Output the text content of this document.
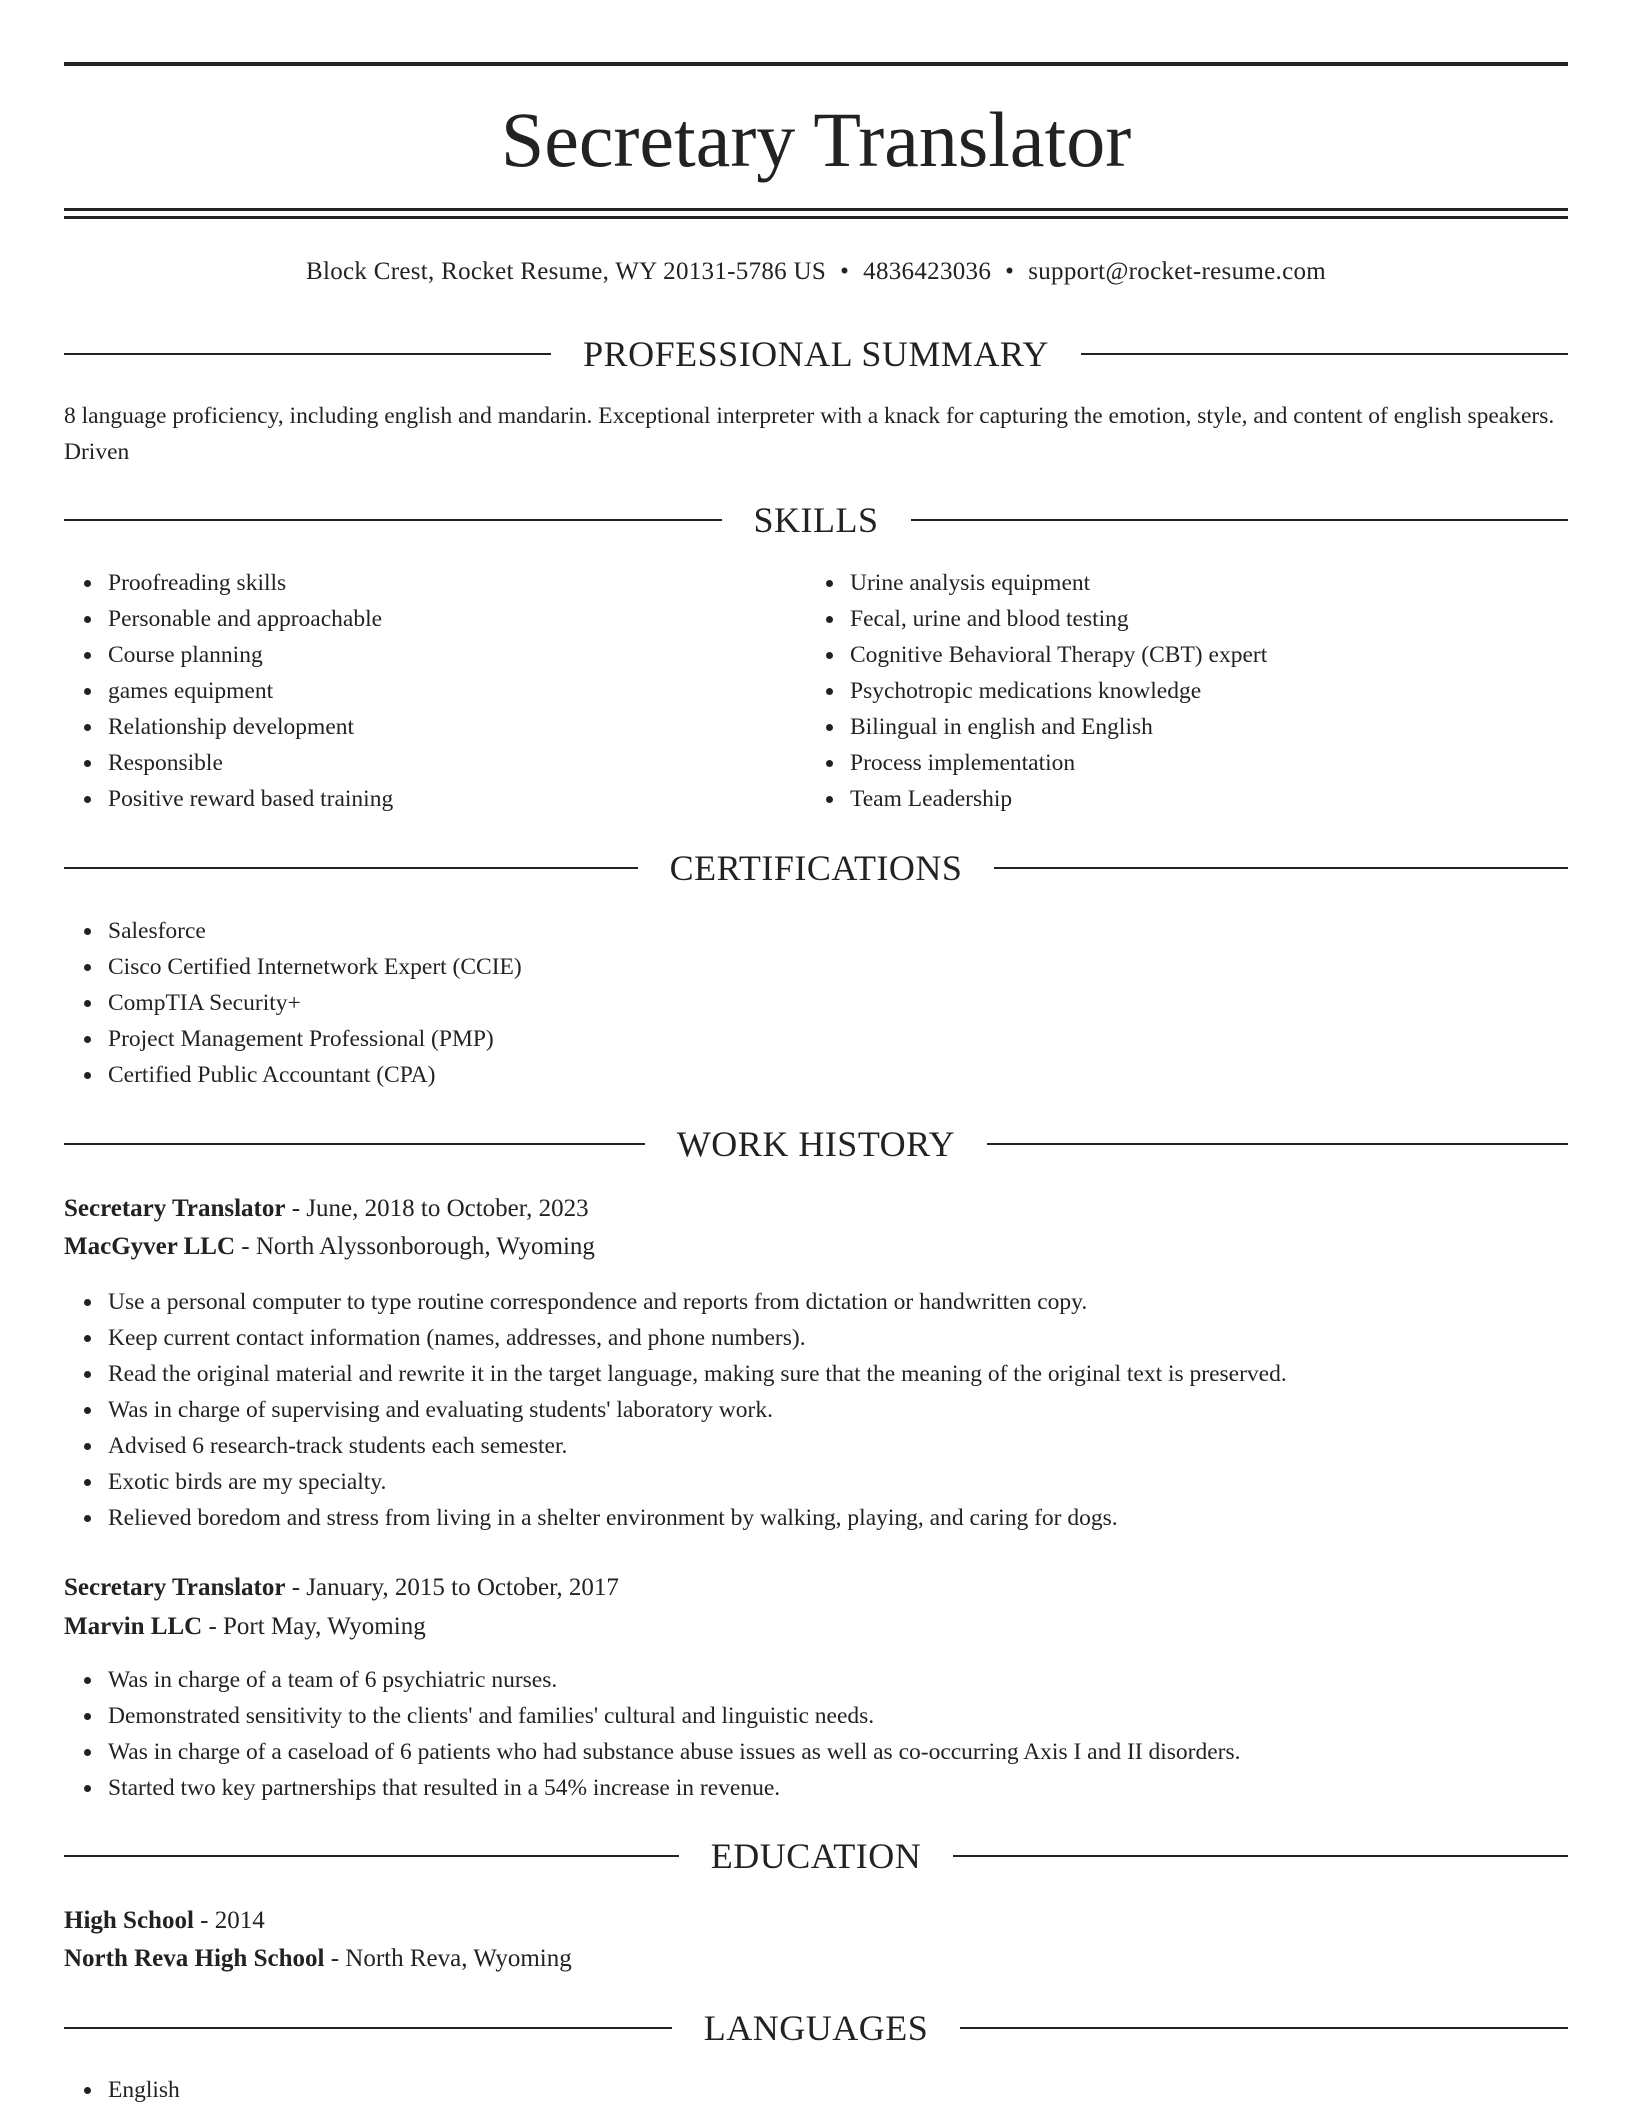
Secretary Translator
Block Crest, Rocket Resume, WY 20131-5786 US • 4836423036 • support@rocket-resume.com
PROFESSIONAL SUMMARY

8 language proficiency, including english and mandarin. Exceptional interpreter with a knack for capturing the emotion, style, and content of english speakers. Driven

SKILLS
Proofreading skills
Personable and approachable
Course planning
games equipment
Relationship development
Responsible
Positive reward based training
Urine analysis equipment
Fecal, urine and blood testing
Cognitive Behavioral Therapy (CBT) expert
Psychotropic medications knowledge
Bilingual in english and English
Process implementation
Team Leadership
CERTIFICATIONS
Salesforce
Cisco Certified Internetwork Expert (CCIE)
CompTIA Security+
Project Management Professional (PMP)
Certified Public Accountant (CPA)
WORK HISTORY
Secretary Translator - June, 2018 to October, 2023
MacGyver LLC - North Alyssonborough, Wyoming
Use a personal computer to type routine correspondence and reports from dictation or handwritten copy.
Keep current contact information (names, addresses, and phone numbers).
Read the original material and rewrite it in the target language, making sure that the meaning of the original text is preserved.
Was in charge of supervising and evaluating students' laboratory work.
Advised 6 research-track students each semester.
Exotic birds are my specialty.
Relieved boredom and stress from living in a shelter environment by walking, playing, and caring for dogs.
Secretary Translator - January, 2015 to October, 2017
Marvin LLC - Port May, Wyoming
Was in charge of a team of 6 psychiatric nurses.
Demonstrated sensitivity to the clients' and families' cultural and linguistic needs.
Was in charge of a caseload of 6 patients who had substance abuse issues as well as co-occurring Axis I and II disorders.
Started two key partnerships that resulted in a 54% increase in revenue.
EDUCATION
High School - 2014
North Reva High School - North Reva, Wyoming
LANGUAGES
English
